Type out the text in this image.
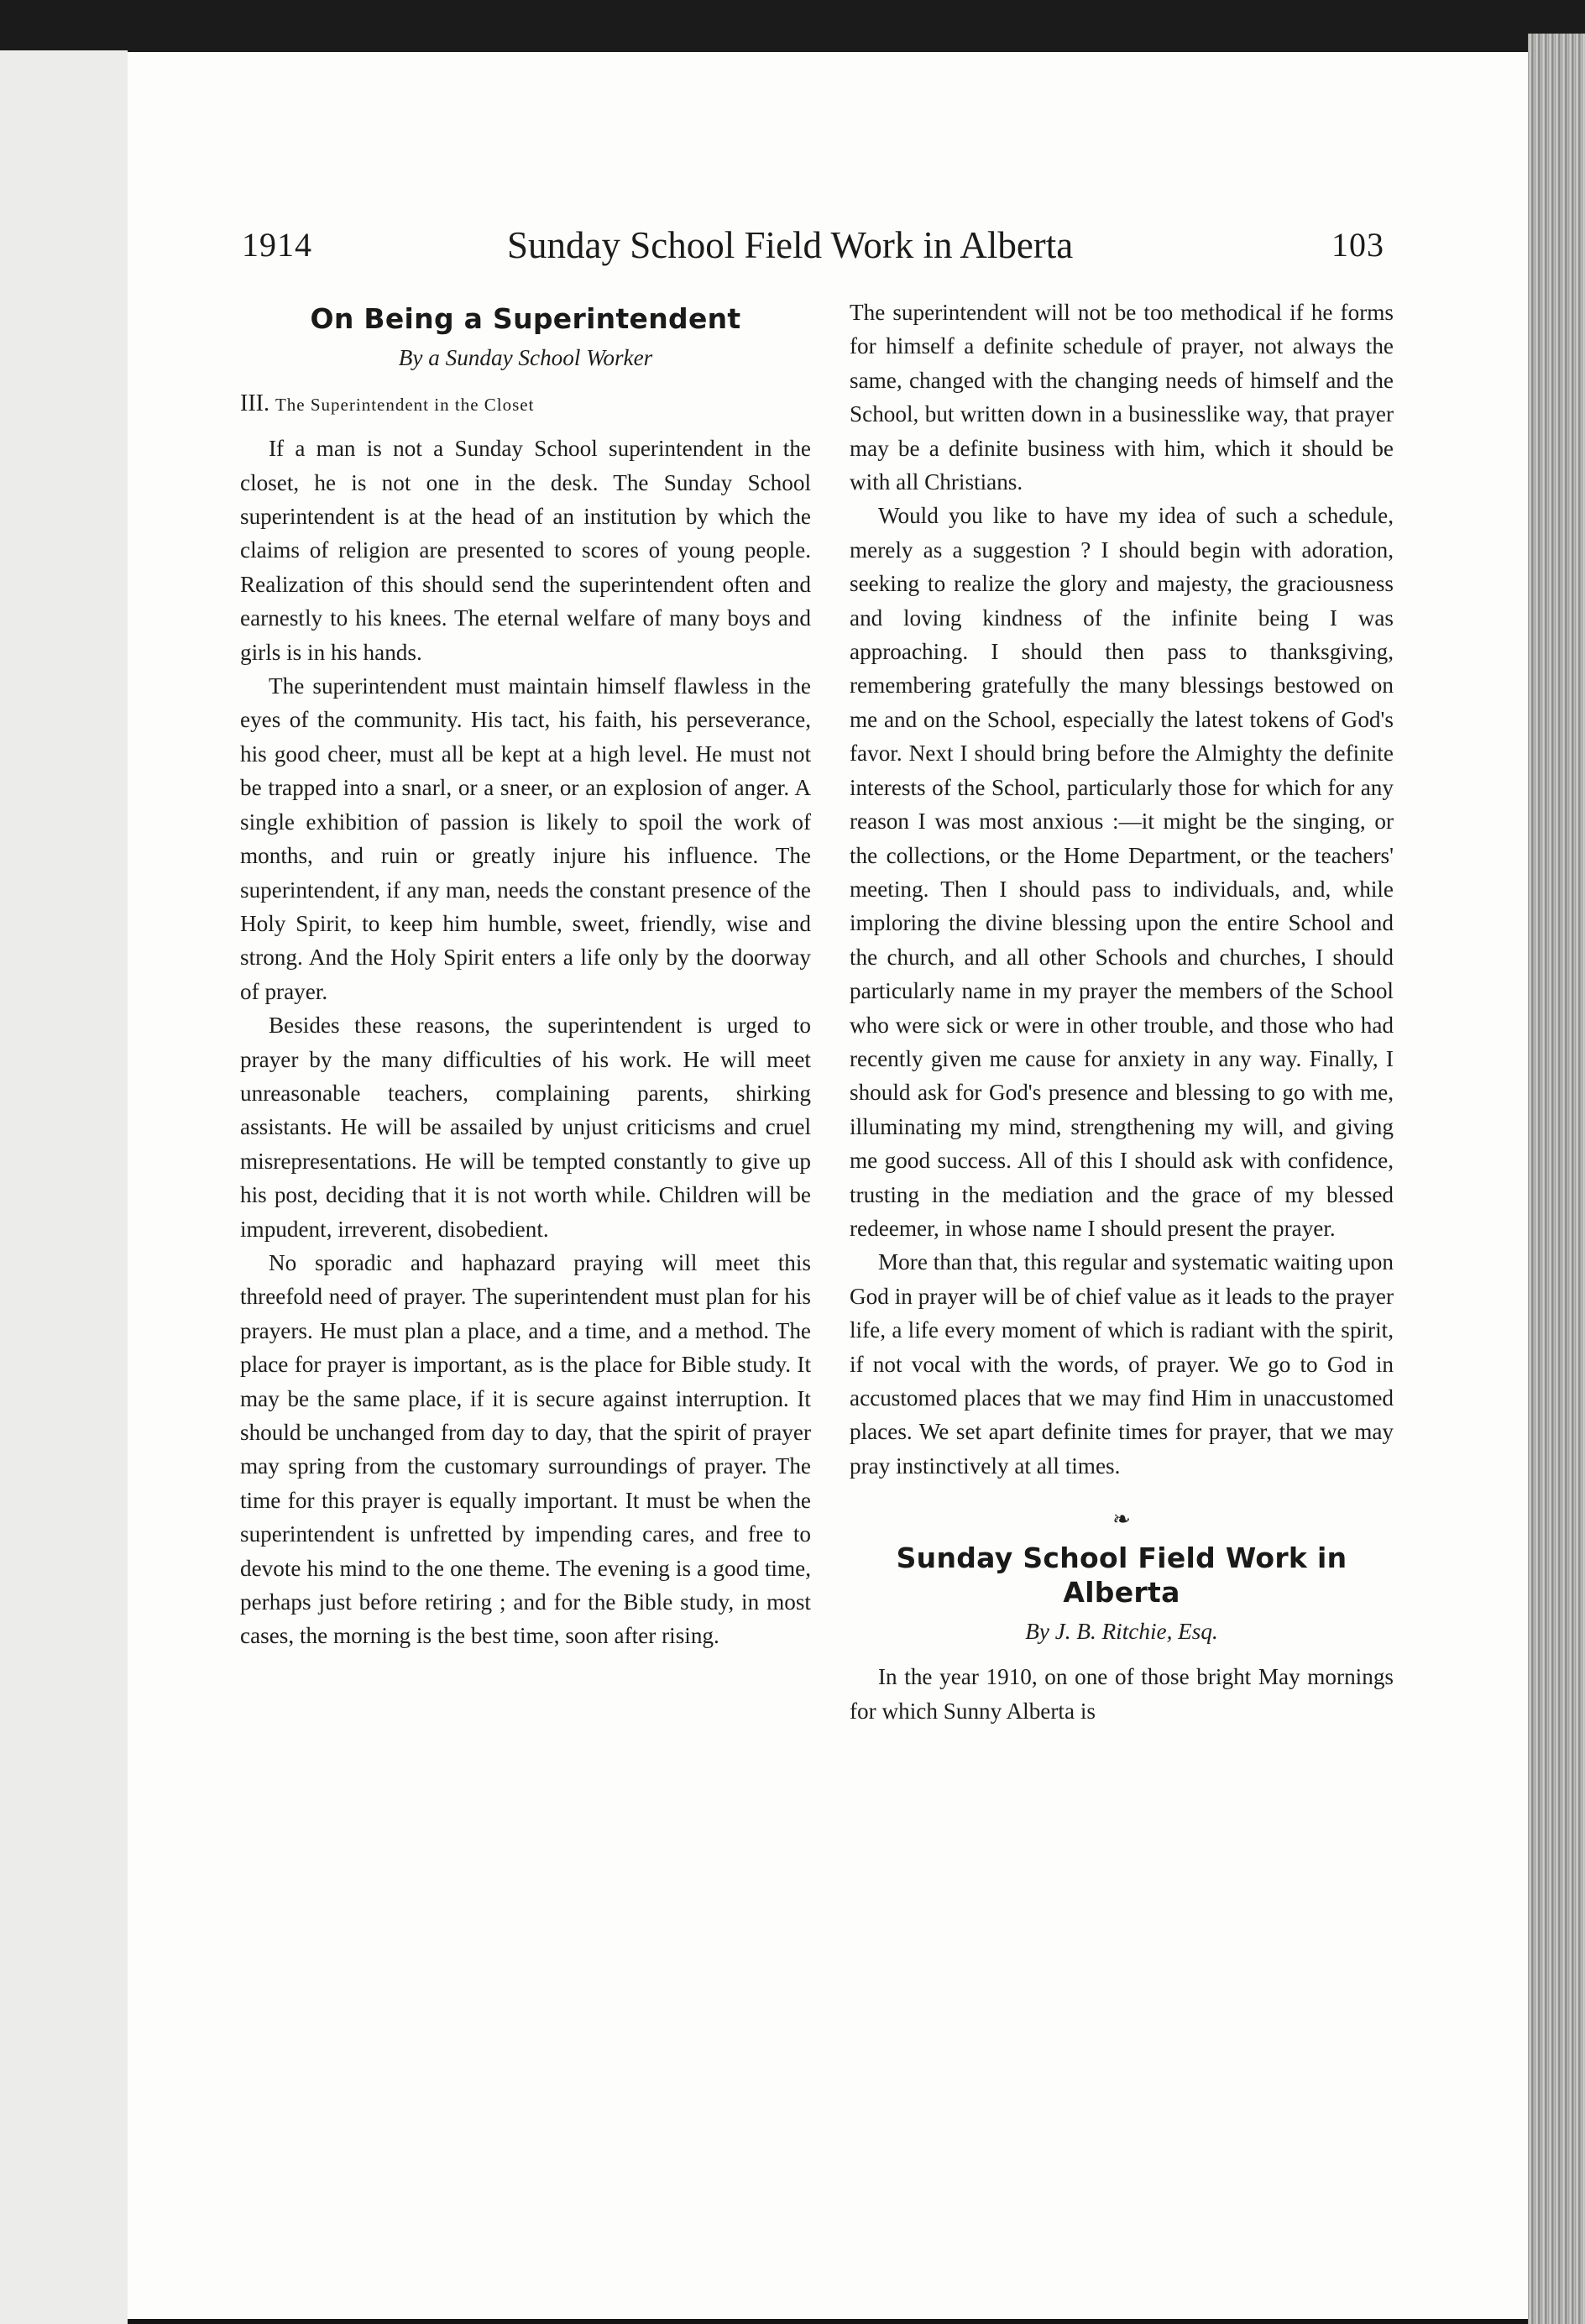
1914	Sunday School Field Work in Alberta	103
On Being a Superintendent
By a Sunday School Worker
III. The Superintendent in the Closet

If a man is not a Sunday School superintendent in the closet, he is not one in the desk. The Sunday School superintendent is at the head of an institution by which the claims of religion are presented to scores of young people. Realization of this should send the superintendent often and earnestly to his knees. The eternal welfare of many boys and girls is in his hands.

The superintendent must maintain himself flawless in the eyes of the community. His tact, his faith, his perseverance, his good cheer, must all be kept at a high level. He must not be trapped into a snarl, or a sneer, or an explosion of anger. A single exhibition of passion is likely to spoil the work of months, and ruin or greatly injure his influence. The superintendent, if any man, needs the constant presence of the Holy Spirit, to keep him humble, sweet, friendly, wise and strong. And the Holy Spirit enters a life only by the doorway of prayer.

Besides these reasons, the superintendent is urged to prayer by the many difficulties of his work. He will meet unreasonable teachers, complaining parents, shirking assistants. He will be assailed by unjust criticisms and cruel misrepresentations. He will be tempted constantly to give up his post, deciding that it is not worth while. Children will be impudent, irreverent, disobedient.

No sporadic and haphazard praying will meet this threefold need of prayer. The superintendent must plan for his prayers. He must plan a place, and a time, and a method. The place for prayer is important, as is the place for Bible study. It may be the same place, if it is secure against interruption. It should be unchanged from day to day, that the spirit of prayer may spring from the customary surroundings of prayer. The time for this prayer is equally important. It must be when the superintendent is unfretted by impending cares, and free to devote his mind to the one theme. The evening is a good time, perhaps just before retiring ; and for the Bible study, in most cases, the morning is the best time, soon after rising.

The superintendent will not be too methodical if he forms for himself a definite schedule of prayer, not always the same, changed with the changing needs of himself and the School, but written down in a businesslike way, that prayer may be a definite business with him, which it should be with all Christians.

Would you like to have my idea of such a schedule, merely as a suggestion ? I should begin with adoration, seeking to realize the glory and majesty, the graciousness and loving kindness of the infinite being I was approaching. I should then pass to thanksgiving, remembering gratefully the many blessings bestowed on me and on the School, especially the latest tokens of God's favor. Next I should bring before the Almighty the definite interests of the School, particularly those for which for any reason I was most anxious :—it might be the singing, or the collections, or the Home Department, or the teachers' meeting. Then I should pass to individuals, and, while imploring the divine blessing upon the entire School and the church, and all other Schools and churches, I should particularly name in my prayer the members of the School who were sick or were in other trouble, and those who had recently given me cause for anxiety in any way. Finally, I should ask for God's presence and blessing to go with me, illuminating my mind, strengthening my will, and giving me good success. All of this I should ask with confidence, trusting in the mediation and the grace of my blessed redeemer, in whose name I should present the prayer.

More than that, this regular and systematic waiting upon God in prayer will be of chief value as it leads to the prayer life, a life every moment of which is radiant with the spirit, if not vocal with the words, of prayer. We go to God in accustomed places that we may find Him in unaccustomed places. We set apart definite times for prayer, that we may pray instinctively at all times.

❧
Sunday School Field Work in Alberta
By J. B. Ritchie, Esq.

In the year 1910, on one of those bright May mornings for which Sunny Alberta is
